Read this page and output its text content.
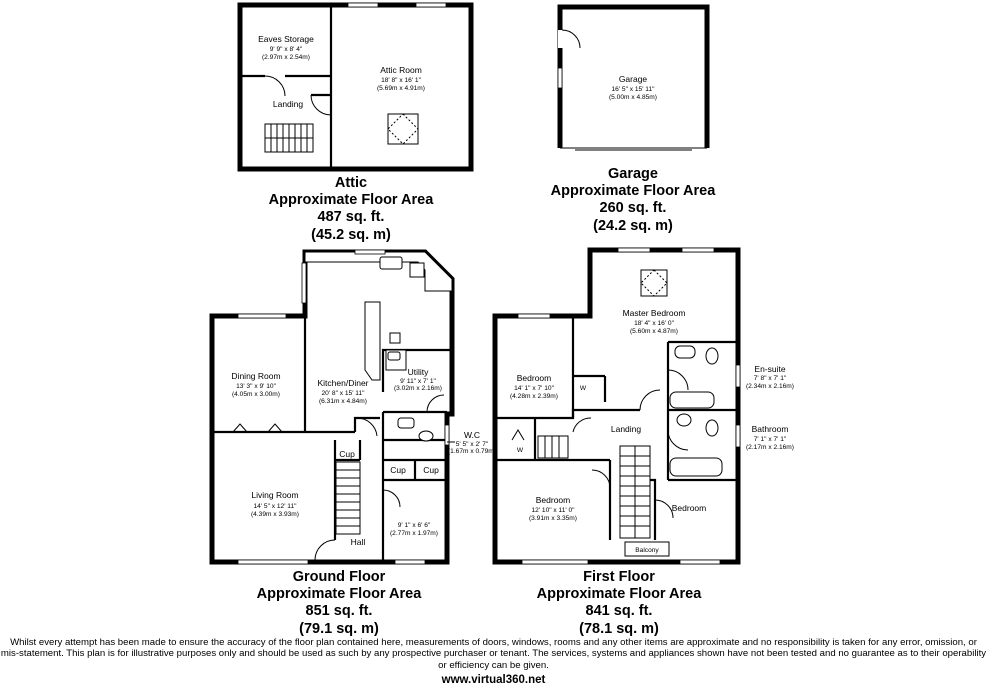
Eaves Storage
9' 9" x 8' 4"
(2.97m x 2.54m)
Landing
Attic Room
18' 8" x 16' 1"
(5.69m x 4.91m)
Attic
Approximate Floor Area
487 sq. ft.
(45.2 sq. m)
Garage
16' 5" x 15' 11"
(5.00m x 4.85m)
Garage
Approximate Floor Area
260 sq. ft.
(24.2 sq. m)
Dining Room
13' 3" x 9' 10"
(4.05m x 3.00m)
Kitchen/Diner
20' 8" x 15' 11"
(6.31m x 4.84m)
Utility
9' 11" x 7' 1"
(3.02m x 2.16m)
W.C
5' 5" x 2' 7"
(1.67m x 0.79m)
Living Room
14' 5" x 12' 11"
(4.39m x 3.93m)
Cup
Cup Cup
9' 1" x 6' 6"
(2.77m x 1.97m)
Hall
Ground Floor
Approximate Floor Area
851 sq. ft.
(79.1 sq. m)
Balcony
Master Bedroom
18' 4" x 16' 0"
(5.60m x 4.87m)
Bedroom
14' 1" x 7' 10"
(4.28m x 2.39m)
En-suite
7' 8" x 7' 1"
(2.34m x 2.16m)
Bathroom
7' 1" x 7' 1"
(2.17m x 2.16m)
Landing
Bedroom
12' 10" x 11' 0"
(3.91m x 3.35m)
Bedroom
W
W
First Floor
Approximate Floor Area
841 sq. ft.
(78.1 sq. m)
Whilst every attempt has been made to ensure the accuracy of the floor plan contained here, measurements of doors, windows, rooms and any other items are approximate and no responsibility is taken for any error, omission, or mis-statement. This plan is for illustrative purposes only and should be used as such by any prospective purchaser or tenant. The services, systems and appliances shown have not been tested and no guarantee as to their operability or efficiency can be given.
www.virtual360.net
